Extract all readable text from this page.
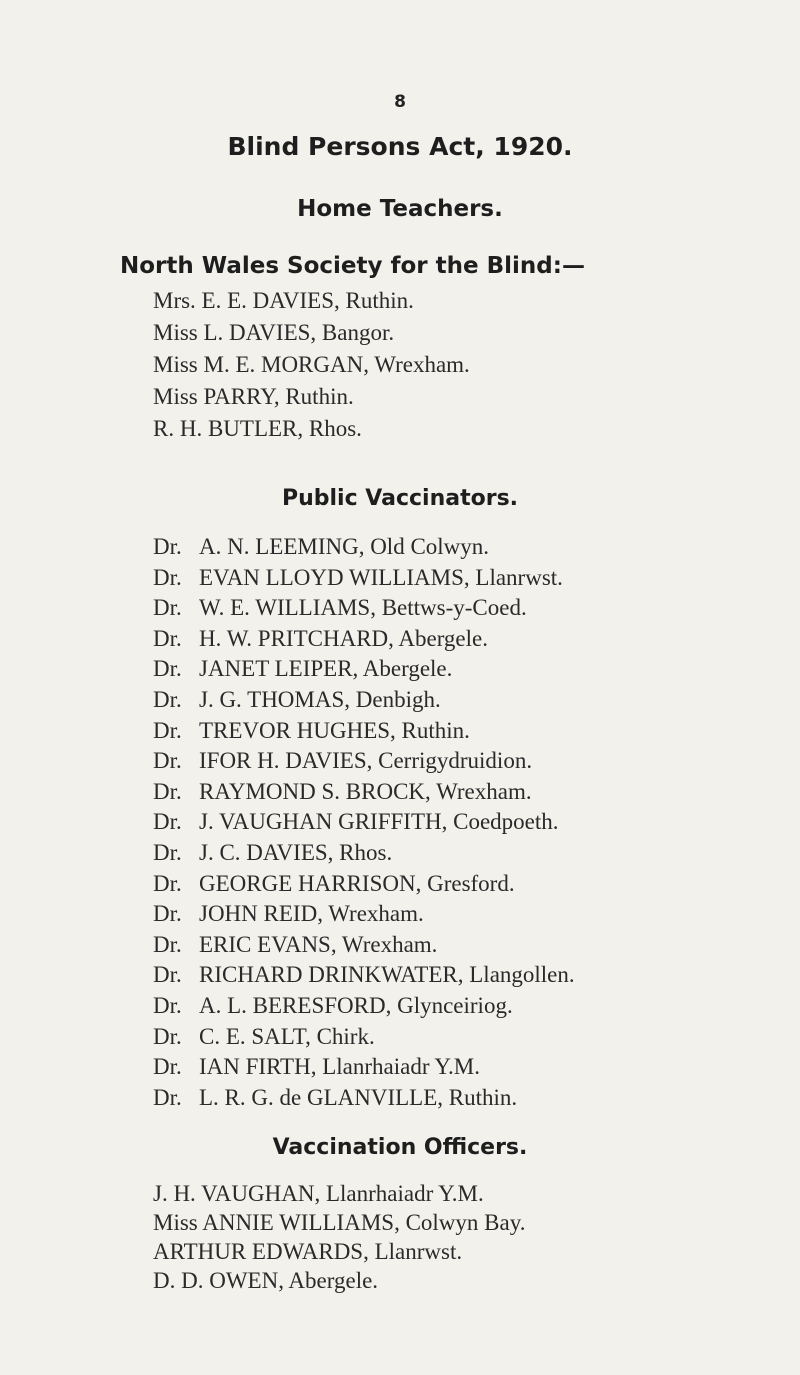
8
Blind Persons Act, 1920.
Home Teachers.
North Wales Society for the Blind:—
Mrs. E. E. DAVIES, Ruthin.
Miss L. DAVIES, Bangor.
Miss M. E. MORGAN, Wrexham.
Miss PARRY, Ruthin.
R. H. BUTLER, Rhos.
Public Vaccinators.
Dr. A. N. LEEMING, Old Colwyn.
Dr. EVAN LLOYD WILLIAMS, Llanrwst.
Dr. W. E. WILLIAMS, Bettws-y-Coed.
Dr. H. W. PRITCHARD, Abergele.
Dr. JANET LEIPER, Abergele.
Dr. J. G. THOMAS, Denbigh.
Dr. TREVOR HUGHES, Ruthin.
Dr. IFOR H. DAVIES, Cerrigydruidion.
Dr. RAYMOND S. BROCK, Wrexham.
Dr. J. VAUGHAN GRIFFITH, Coedpoeth.
Dr. J. C. DAVIES, Rhos.
Dr. GEORGE HARRISON, Gresford.
Dr. JOHN REID, Wrexham.
Dr. ERIC EVANS, Wrexham.
Dr. RICHARD DRINKWATER, Llangollen.
Dr. A. L. BERESFORD, Glynceiriog.
Dr. C. E. SALT, Chirk.
Dr. IAN FIRTH, Llanrhaiadr Y.M.
Dr. L. R. G. de GLANVILLE, Ruthin.
Vaccination Officers.
J. H. VAUGHAN, Llanrhaiadr Y.M.
Miss ANNIE WILLIAMS, Colwyn Bay.
ARTHUR EDWARDS, Llanrwst.
D. D. OWEN, Abergele.
